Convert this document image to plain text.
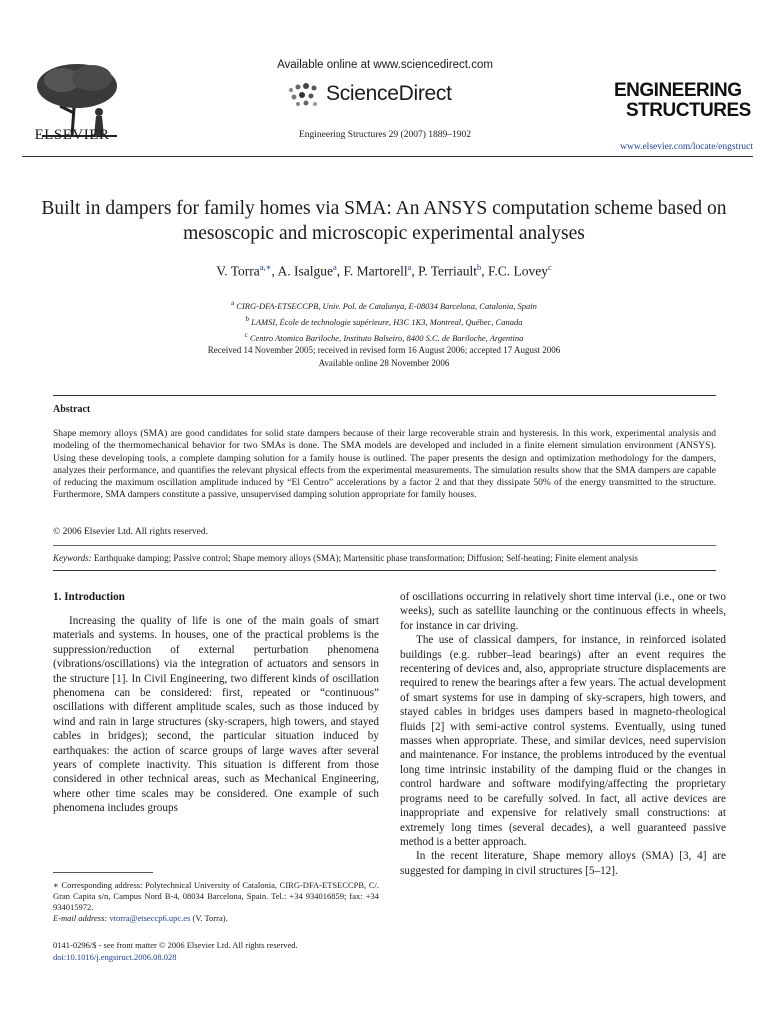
ELSEVIER
Available online at www.sciencedirect.com
ScienceDirect
Engineering Structures 29 (2007) 1889–1902
ENGINEERING
STRUCTURES
www.elsevier.com/locate/engstruct
Built in dampers for family homes via SMA: An ANSYS computation scheme based on mesoscopic and microscopic experimental analyses
V. Torra$^{a,∗}$, A. Isalgue$^a$, F. Martorell$^a$, P. Terriault$^b$, F.C. Lovey$^c$
$^a$ CIRG-DFA-ETSECCPB, Univ. Pol. de Catalunya, E-08034 Barcelona, Catalonia, Spain
$^b$ LAMSI, École de technologie supérieure, H3C 1K3, Montreal, Québec, Canada
$^c$ Centro Atomico Bariloche, Instituto Balseiro, 8400 S.C. de Bariloche, Argentina
Received 14 November 2005; received in revised form 16 August 2006; accepted 17 August 2006
Available online 28 November 2006
Abstract
Shape memory alloys (SMA) are good candidates for solid state dampers because of their large recoverable strain and hysteresis. In this work, experimental analysis and modeling of the thermomechanical behavior for two SMAs is done. The SMA models are developed and included in a finite element simulation environment (ANSYS). Using these developing tools, a complete damping solution for a family house is outlined. The paper presents the design and optimization methodology for the dampers, analyzes their performance, and quantifies the relevant physical effects from the experimental measurements. The simulation results show that the SMA dampers are capable of reducing the maximum oscillation amplitude induced by “El Centro” accelerations by a factor 2 and that they dissipate 50% of the energy transmitted to the structure. Furthermore, SMA dampers constitute a passive, unsupervised damping solution appropriate for family houses.
© 2006 Elsevier Ltd. All rights reserved.
Keywords: Earthquake damping; Passive control; Shape memory alloys (SMA); Martensitic phase transformation; Diffusion; Self-heating; Finite element analysis
1. Introduction

Increasing the quality of life is one of the main goals of smart materials and systems. In houses, one of the practical problems is the suppression/reduction of external perturbation phenomena (vibrations/oscillations) via the integration of actuators and sensors in the structure [1]. In Civil Engineering, two different kinds of oscillation phenomena can be considered: first, repeated or “continuous” oscillations with different amplitude scales, such as those induced by wind and rain in large structures (sky-scrapers, high towers, and stayed cables in bridges); second, the particular situation induced by earthquakes: the action of scarce groups of large waves after several years of complete inactivity. This situation is different from those considered in other technical areas, such as Mechanical Engineering, where other time scales may be considered. One example of such phenomena includes groups

of oscillations occurring in relatively short time interval (i.e., one or two weeks), such as satellite launching or the continuous effects in wheels, for instance in car driving.

The use of classical dampers, for instance, in reinforced isolated buildings (e.g. rubber–lead bearings) after an event requires the recentering of devices and, also, appropriate structure displacements are required to renew the bearings after a few years. The actual development of smart systems for use in damping of sky-scrapers, high towers, and stayed cables in bridges uses dampers based in magneto-rheological fluids [2] with semi-active control systems. Eventually, using tuned masses when appropriate. These, and similar devices, need supervision and maintenance. For instance, the problems introduced by the eventual long time intrinsic instability of the damping fluid or the changes in control hardware and software modifying/affecting the proprietary programs need to be carefully solved. In fact, all active devices are inappropriate and expensive for relatively small constructions: at extremely long times (several decades), a well guaranteed passive method is a better approach.

In the recent literature, Shape memory alloys (SMA) [3, 4] are suggested for damping in civil structures [5–12].

∗ Corresponding address: Polytechnical University of Catalonia, CIRG-DFA-ETSECCPB, C/. Gran Capita s/n, Campus Nord B-4, 08034 Barcelona, Spain. Tel.: +34 934016859; fax: +34 934015972.
E-mail address: vtorra@etseccp6.upc.es (V. Torra).
0141-0296/$ - see front matter © 2006 Elsevier Ltd. All rights reserved.
doi:10.1016/j.engstruct.2006.08.028
